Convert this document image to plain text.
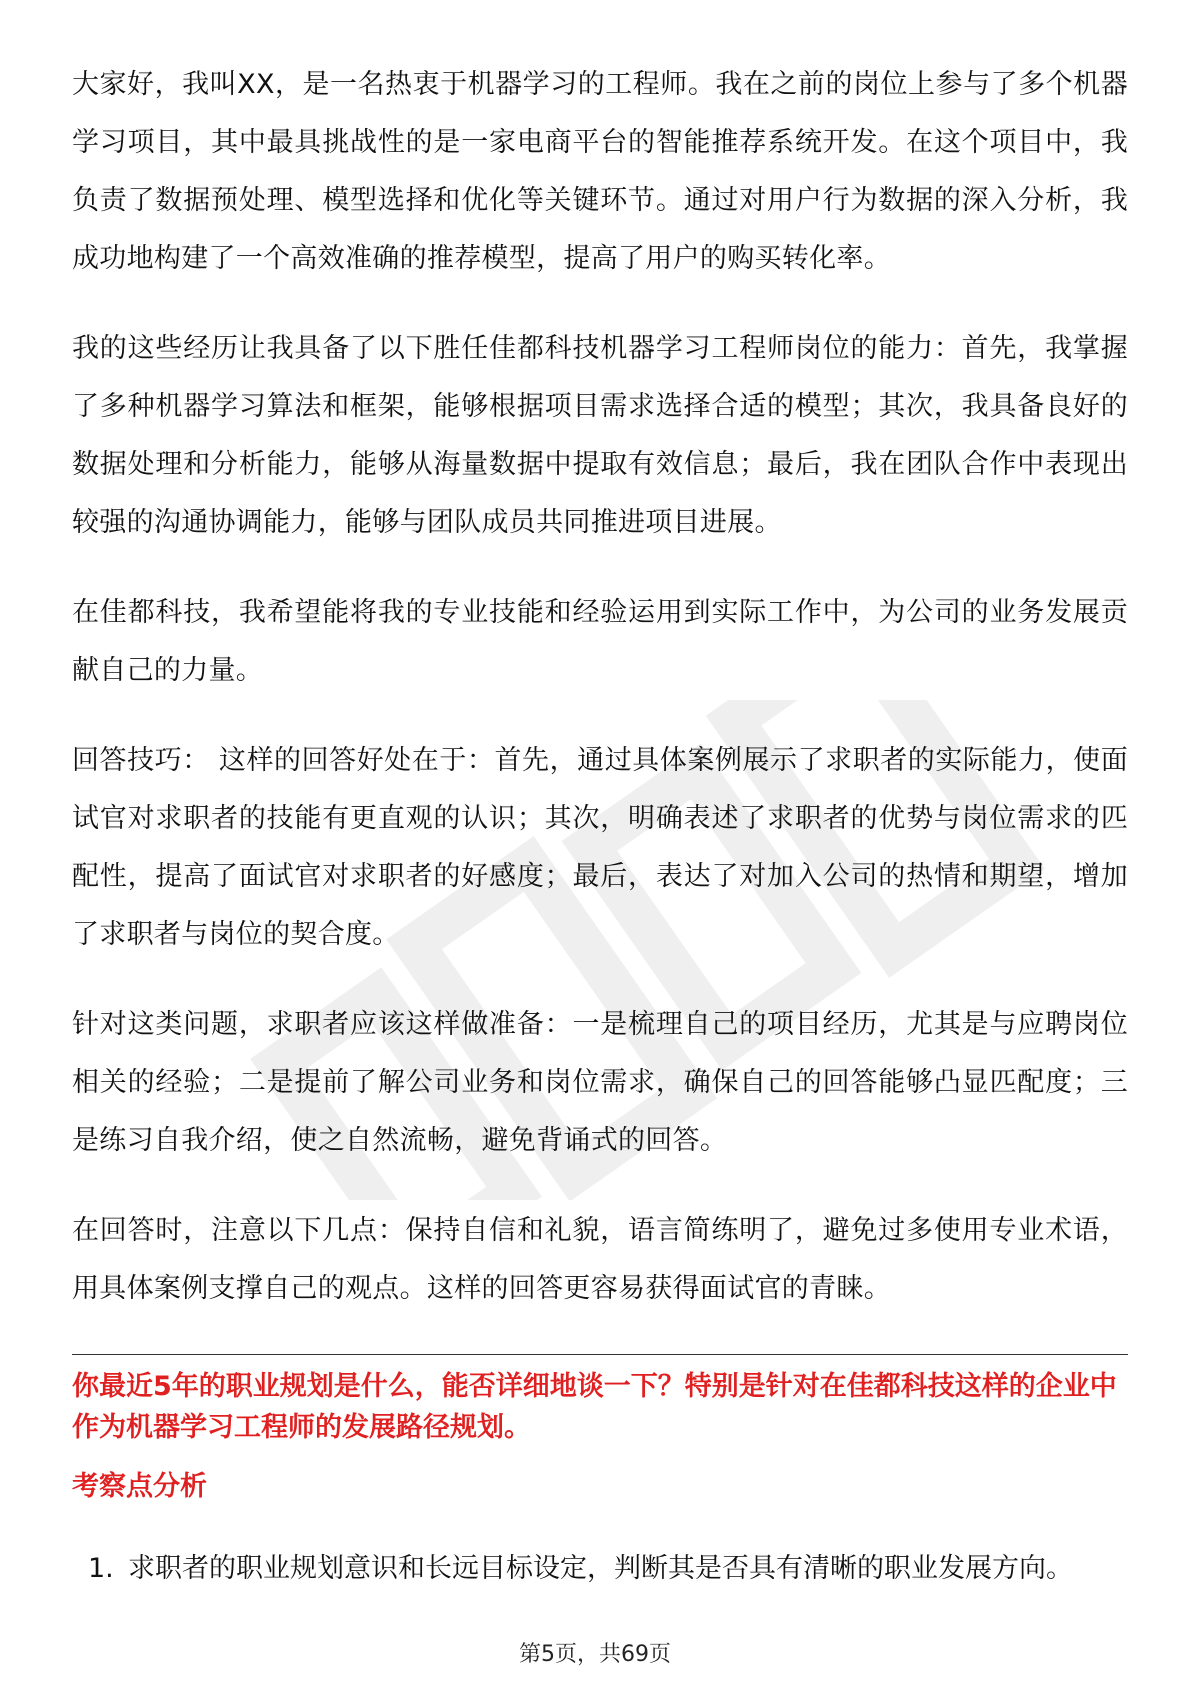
大家好，我叫XX，是一名热衷于机器学习的工程师。我在之前的岗位上参与了多个机器学习项目，其中最具挑战性的是一家电商平台的智能推荐系统开发。在这个项目中，我负责了数据预处理、模型选择和优化等关键环节。通过对用户行为数据的深入分析，我成功地构建了一个高效准确的推荐模型，提高了用户的购买转化率。

我的这些经历让我具备了以下胜任佳都科技机器学习工程师岗位的能力：首先，我掌握了多种机器学习算法和框架，能够根据项目需求选择合适的模型；其次，我具备良好的数据处理和分析能力，能够从海量数据中提取有效信息；最后，我在团队合作中表现出较强的沟通协调能力，能够与团队成员共同推进项目进展。

在佳都科技，我希望能将我的专业技能和经验运用到实际工作中，为公司的业务发展贡献自己的力量。

回答技巧： 这样的回答好处在于：首先，通过具体案例展示了求职者的实际能力，使面试官对求职者的技能有更直观的认识；其次，明确表述了求职者的优势与岗位需求的匹配性，提高了面试官对求职者的好感度；最后，表达了对加入公司的热情和期望，增加了求职者与岗位的契合度。

针对这类问题，求职者应该这样做准备：一是梳理自己的项目经历，尤其是与应聘岗位相关的经验；二是提前了解公司业务和岗位需求，确保自己的回答能够凸显匹配度；三是练习自我介绍，使之自然流畅，避免背诵式的回答。

在回答时，注意以下几点：保持自信和礼貌，语言简练明了，避免过多使用专业术语，用具体案例支撑自己的观点。这样的回答更容易获得面试官的青睐。

你最近5年的职业规划是什么，能否详细地谈一下？特别是针对在佳都科技这样的企业中作为机器学习工程师的发展路径规划。
考察点分析
1. 求职者的职业规划意识和长远目标设定，判断其是否具有清晰的职业发展方向。
第5页，共69页
